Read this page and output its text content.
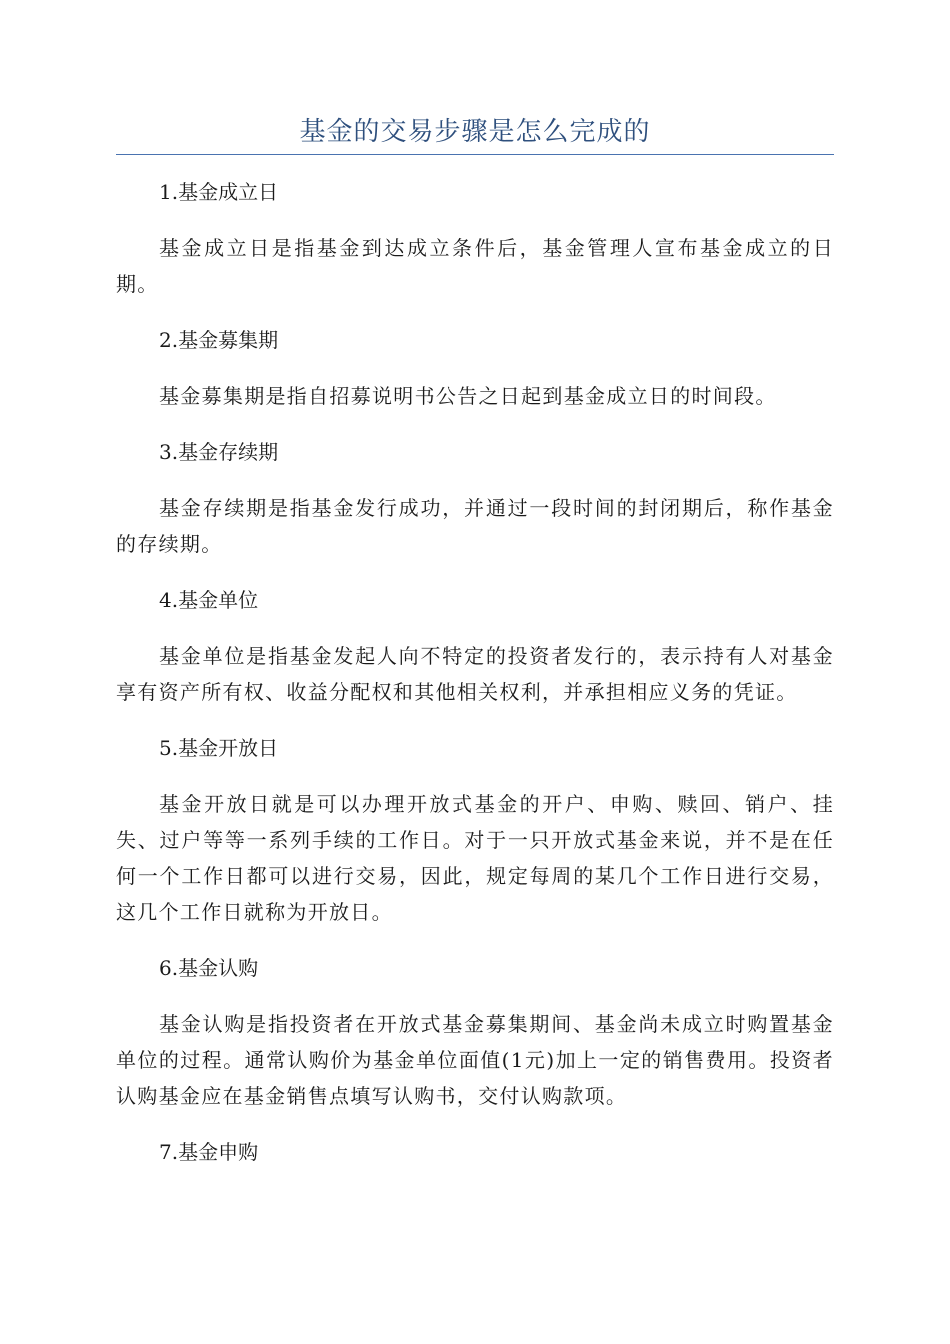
基金的交易步骤是怎么完成的

1.基金成立日

基金成立日是指基金到达成立条件后，基金管理人宣布基金成立的日期。

2.基金募集期

基金募集期是指自招募说明书公告之日起到基金成立日的时间段。

3.基金存续期

基金存续期是指基金发行成功，并通过一段时间的封闭期后，称作基金的存续期。

4.基金单位

基金单位是指基金发起人向不特定的投资者发行的，表示持有人对基金享有资产所有权、收益分配权和其他相关权利，并承担相应义务的凭证。

5.基金开放日

基金开放日就是可以办理开放式基金的开户、申购、赎回、销户、挂失、过户等等一系列手续的工作日。对于一只开放式基金来说，并不是在任何一个工作日都可以进行交易，因此，规定每周的某几个工作日进行交易，这几个工作日就称为开放日。

6.基金认购

基金认购是指投资者在开放式基金募集期间、基金尚未成立时购置基金单位的过程。通常认购价为基金单位面值(1元)加上一定的销售费用。投资者认购基金应在基金销售点填写认购书，交付认购款项。

7.基金申购
